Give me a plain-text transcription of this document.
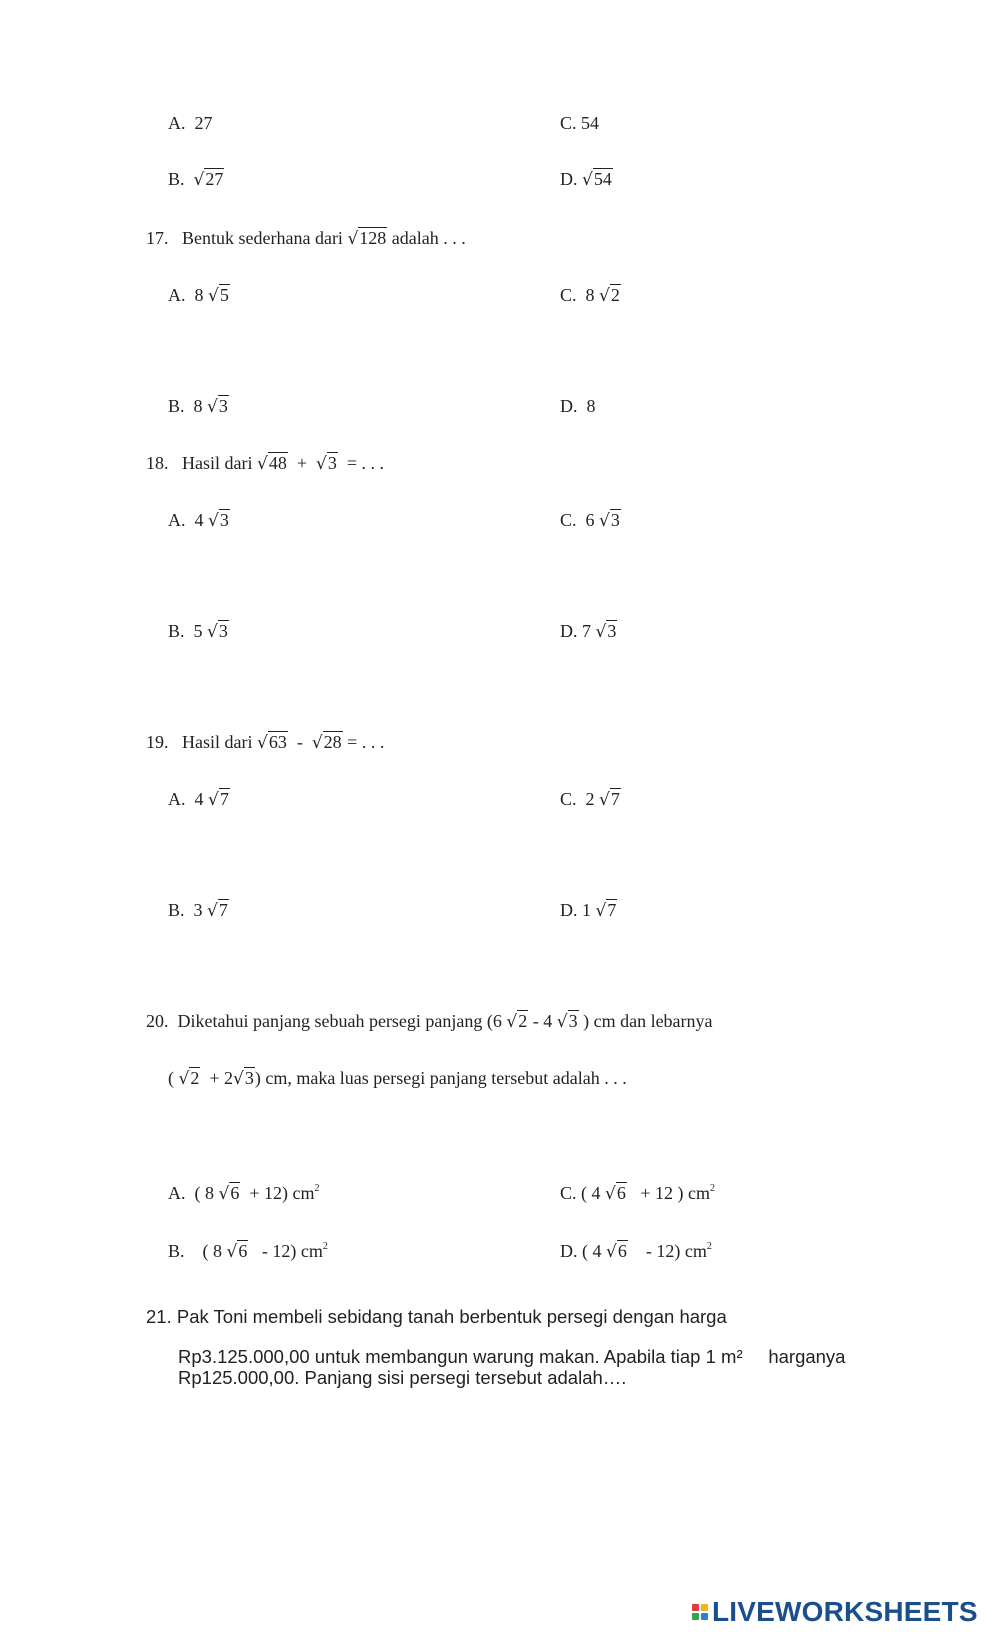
A. 27	C. 54
B. √27	D. √54
17. Bentuk sederhana dari √128 adalah . . .
A. 8 √5	C. 8 √2
B. 8 √3	D. 8
18. Hasil dari √48 + √3 = . . .
A. 4 √3	C. 6 √3
B. 5 √3	D. 7 √3
19. Hasil dari √63 - √28 = . . .
A. 4 √7	C. 2 √7
B. 3 √7	D. 1 √7
20. Diketahui panjang sebuah persegi panjang (6 √2 - 4 √3 ) cm dan lebarnya
( √2 + 2√3) cm, maka luas persegi panjang tersebut adalah . . .
A. ( 8 √6 + 12) $cm^2$	C. ( 4 √6 + 12 ) $cm^2$
B. ( 8 √6 - 12) $cm^2$	D. ( 4 √6 - 12) $cm^2$
21. Pak Toni membeli sebidang tanah berbentuk persegi dengan harga
Rp3.125.000,00 untuk membangun warung makan. Apabila tiap 1 m² harganya
Rp125.000,00. Panjang sisi persegi tersebut adalah….
LIVEWORKSHEETS
